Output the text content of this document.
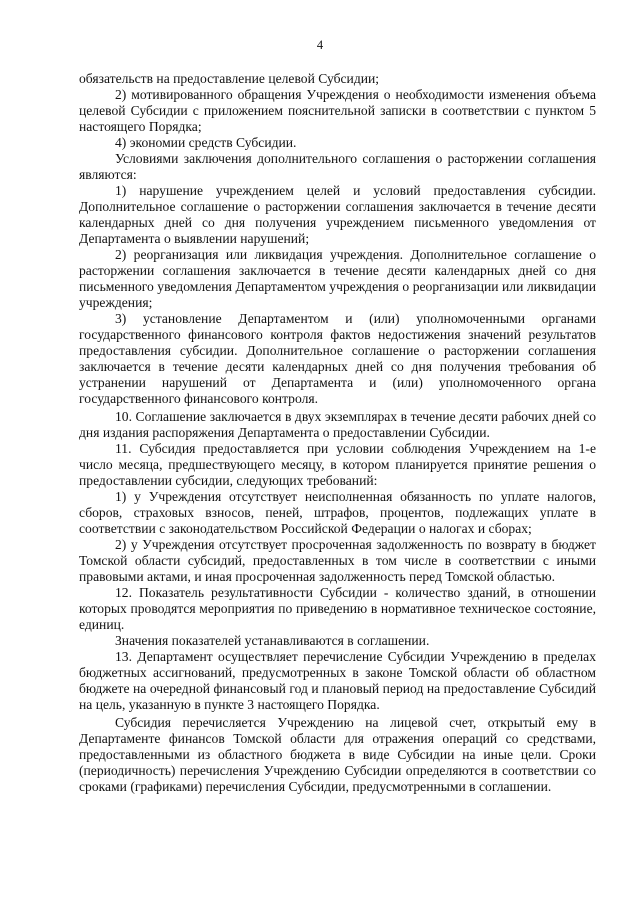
4

обязательств на предоставление целевой Субсидии;

2) мотивированного обращения Учреждения о необходимости изменения объема целевой Субсидии с приложением пояснительной записки в соответствии с пунктом 5 настоящего Порядка;

4) экономии средств Субсидии.

Условиями заключения дополнительного соглашения о расторжении соглашения являются:

1) нарушение учреждением целей и условий предоставления субсидии. Дополнительное соглашение о расторжении соглашения заключается в течение десяти календарных дней со дня получения учреждением письменного уведомления от Департамента о выявлении нарушений;

2) реорганизация или ликвидация учреждения. Дополнительное соглашение о расторжении соглашения заключается в течение десяти календарных дней со дня письменного уведомления Департаментом учреждения о реорганизации или ликвидации учреждения;

3) установление Департаментом и (или) уполномоченными органами государственного финансового контроля фактов недостижения значений результатов предоставления субсидии. Дополнительное соглашение о расторжении соглашения заключается в течение десяти календарных дней со дня получения требования об устранении нарушений от Департамента и (или) уполномоченного органа государственного финансового контроля.

10. Соглашение заключается в двух экземплярах в течение десяти рабочих дней со дня издания распоряжения Департамента о предоставлении Субсидии.

11. Субсидия предоставляется при условии соблюдения Учреждением на 1-е число месяца, предшествующего месяцу, в котором планируется принятие решения о предоставлении субсидии, следующих требований:

1) у Учреждения отсутствует неисполненная обязанность по уплате налогов, сборов, страховых взносов, пеней, штрафов, процентов, подлежащих уплате в соответствии с законодательством Российской Федерации о налогах и сборах;

2) у Учреждения отсутствует просроченная задолженность по возврату в бюджет Томской области субсидий, предоставленных в том числе в соответствии с иными правовыми актами, и иная просроченная задолженность перед Томской областью.

12. Показатель результативности Субсидии - количество зданий, в отношении которых проводятся мероприятия по приведению в нормативное техническое состояние, единиц.

Значения показателей устанавливаются в соглашении.

13. Департамент осуществляет перечисление Субсидии Учреждению в пределах бюджетных ассигнований, предусмотренных в законе Томской области об областном бюджете на очередной финансовый год и плановый период на предоставление Субсидий на цель, указанную в пункте 3 настоящего Порядка.

Субсидия перечисляется Учреждению на лицевой счет, открытый ему в Департаменте финансов Томской области для отражения операций со средствами, предоставленными из областного бюджета в виде Субсидии на иные цели. Сроки (периодичность) перечисления Учреждению Субсидии определяются в соответствии со сроками (графиками) перечисления Субсидии, предусмотренными в соглашении.
